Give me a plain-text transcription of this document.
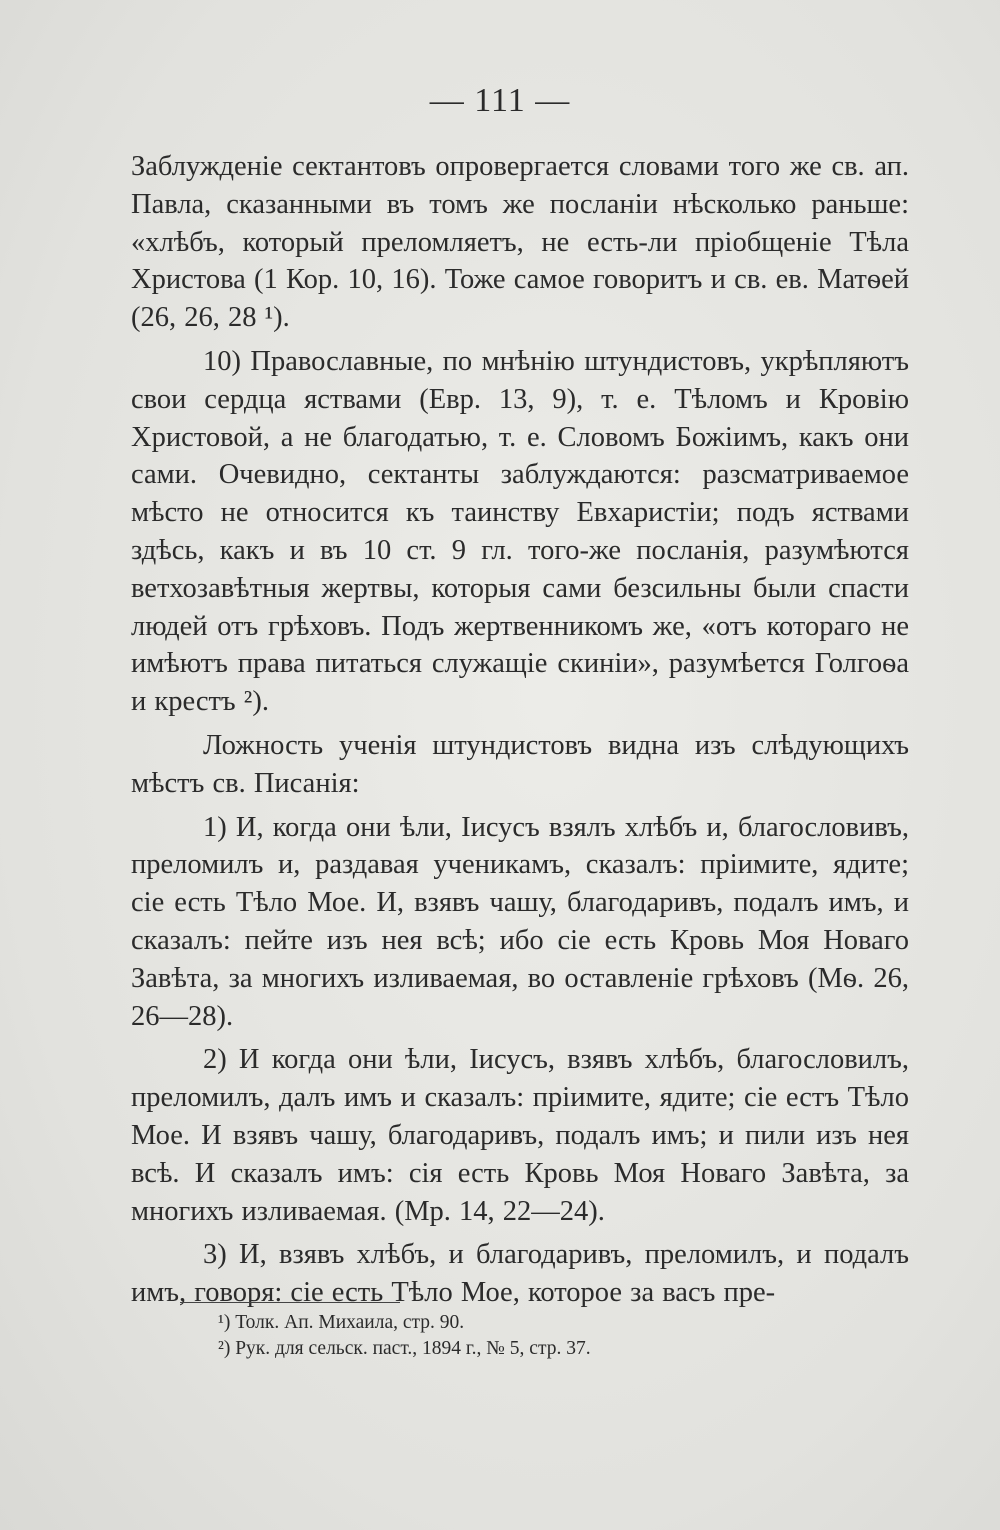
— 111 —

Заблужденіе сектантовъ опровергается словами того же св. ап. Павла, сказанными въ томъ же посланіи нѣсколько раньше: «хлѣбъ, который преломляетъ, не есть-ли пріобщеніе Тѣла Христова (1 Кор. 10, 16). Тоже самое говоритъ и св. ев. Матѳей (26, 26, 28 ¹).

10) Православные, по мнѣнію штундистовъ, укрѣпляютъ свои сердца яствами (Евр. 13, 9), т. е. Тѣломъ и Кровію Христовой, а не благодатью, т. е. Словомъ Божіимъ, какъ они сами. Очевидно, сектанты заблуждаются: разсматриваемое мѣсто не относится къ таинству Евхаристіи; подъ яствами здѣсь, какъ и въ 10 ст. 9 гл. того-же посланія, разумѣются ветхозавѣтныя жертвы, которыя сами безсильны были спасти людей отъ грѣховъ. Подъ жертвенникомъ же, «отъ котораго не имѣютъ права питаться служащіе скиніи», разумѣется Голгоѳа и крестъ ²).

Ложность ученія штундистовъ видна изъ слѣдующихъ мѣстъ св. Писанія:

1) И, когда они ѣли, Іисусъ взялъ хлѣбъ и, благословивъ, преломилъ и, раздавая ученикамъ, сказалъ: пріимите, ядите; сіе есть Тѣло Мое. И, взявъ чашу, благодаривъ, подалъ имъ, и сказалъ: пейте изъ нея всѣ; ибо сіе есть Кровь Моя Новаго Завѣта, за многихъ изливаемая, во оставленіе грѣховъ (Мѳ. 26, 26—28).

2) И когда они ѣли, Іисусъ, взявъ хлѣбъ, благословилъ, преломилъ, далъ имъ и сказалъ: пріимите, ядите; сіе естъ Тѣло Мое. И взявъ чашу, благодаривъ, подалъ имъ; и пили изъ нея всѣ. И сказалъ имъ: сія есть Кровь Моя Новаго Завѣта, за многихъ изливаемая. (Мр. 14, 22—24).

3) И, взявъ хлѣбъ, и благодаривъ, преломилъ, и подалъ имъ, говоря: сіе есть Тѣло Мое, которое за васъ пре-

¹) Толк. Ап. Михаила, стр. 90.
²) Рук. для сельск. паст., 1894 г., № 5, стр. 37.
